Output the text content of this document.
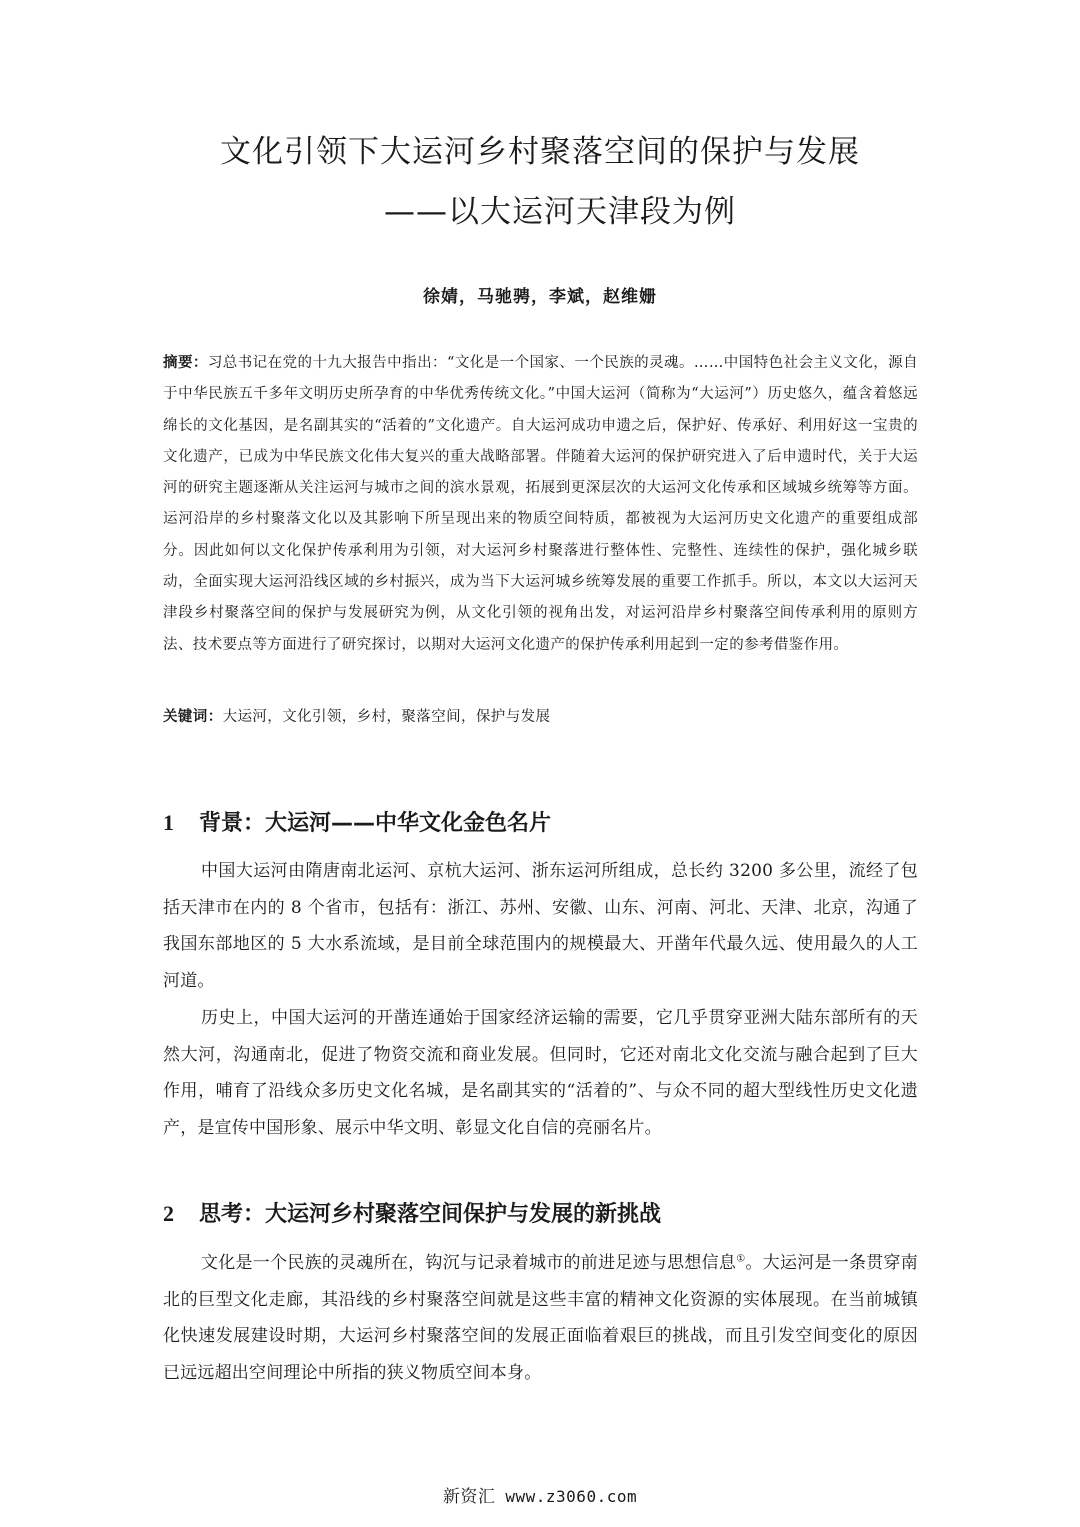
文化引领下大运河乡村聚落空间的保护与发展
——以大运河天津段为例
徐婧，马驰骋，李斌，赵维姗
摘要：习总书记在党的十九大报告中指出：“文化是一个国家、一个民族的灵魂。……中国特色社会主义文化，源自于中华民族五千多年文明历史所孕育的中华优秀传统文化。”中国大运河（简称为“大运河”）历史悠久，蕴含着悠远绵长的文化基因，是名副其实的“活着的”文化遗产。自大运河成功申遗之后，保护好、传承好、利用好这一宝贵的文化遗产，已成为中华民族文化伟大复兴的重大战略部署。伴随着大运河的保护研究进入了后申遗时代，关于大运河的研究主题逐渐从关注运河与城市之间的滨水景观，拓展到更深层次的大运河文化传承和区域城乡统筹等方面。运河沿岸的乡村聚落文化以及其影响下所呈现出来的物质空间特质，都被视为大运河历史文化遗产的重要组成部分。因此如何以文化保护传承利用为引领，对大运河乡村聚落进行整体性、完整性、连续性的保护，强化城乡联动，全面实现大运河沿线区域的乡村振兴，成为当下大运河城乡统筹发展的重要工作抓手。所以，本文以大运河天津段乡村聚落空间的保护与发展研究为例，从文化引领的视角出发，对运河沿岸乡村聚落空间传承利用的原则方法、技术要点等方面进行了研究探讨，以期对大运河文化遗产的保护传承利用起到一定的参考借鉴作用。
关键词：大运河，文化引领，乡村，聚落空间，保护与发展
1 背景：大运河——中华文化金色名片

中国大运河由隋唐南北运河、京杭大运河、浙东运河所组成，总长约 3200 多公里，流经了包括天津市在内的 8 个省市，包括有：浙江、苏州、安徽、山东、河南、河北、天津、北京，沟通了我国东部地区的 5 大水系流域，是目前全球范围内的规模最大、开凿年代最久远、使用最久的人工河道。

历史上，中国大运河的开凿连通始于国家经济运输的需要，它几乎贯穿亚洲大陆东部所有的天然大河，沟通南北，促进了物资交流和商业发展。但同时，它还对南北文化交流与融合起到了巨大作用，哺育了沿线众多历史文化名城，是名副其实的“活着的”、与众不同的超大型线性历史文化遗产，是宣传中国形象、展示中华文明、彰显文化自信的亮丽名片。

2 思考：大运河乡村聚落空间保护与发展的新挑战

文化是一个民族的灵魂所在，钩沉与记录着城市的前进足迹与思想信息①。大运河是一条贯穿南北的巨型文化走廊，其沿线的乡村聚落空间就是这些丰富的精神文化资源的实体展现。在当前城镇化快速发展建设时期，大运河乡村聚落空间的发展正面临着艰巨的挑战，而且引发空间变化的原因已远远超出空间理论中所指的狭义物质空间本身。

新资汇 www.z3060.com
